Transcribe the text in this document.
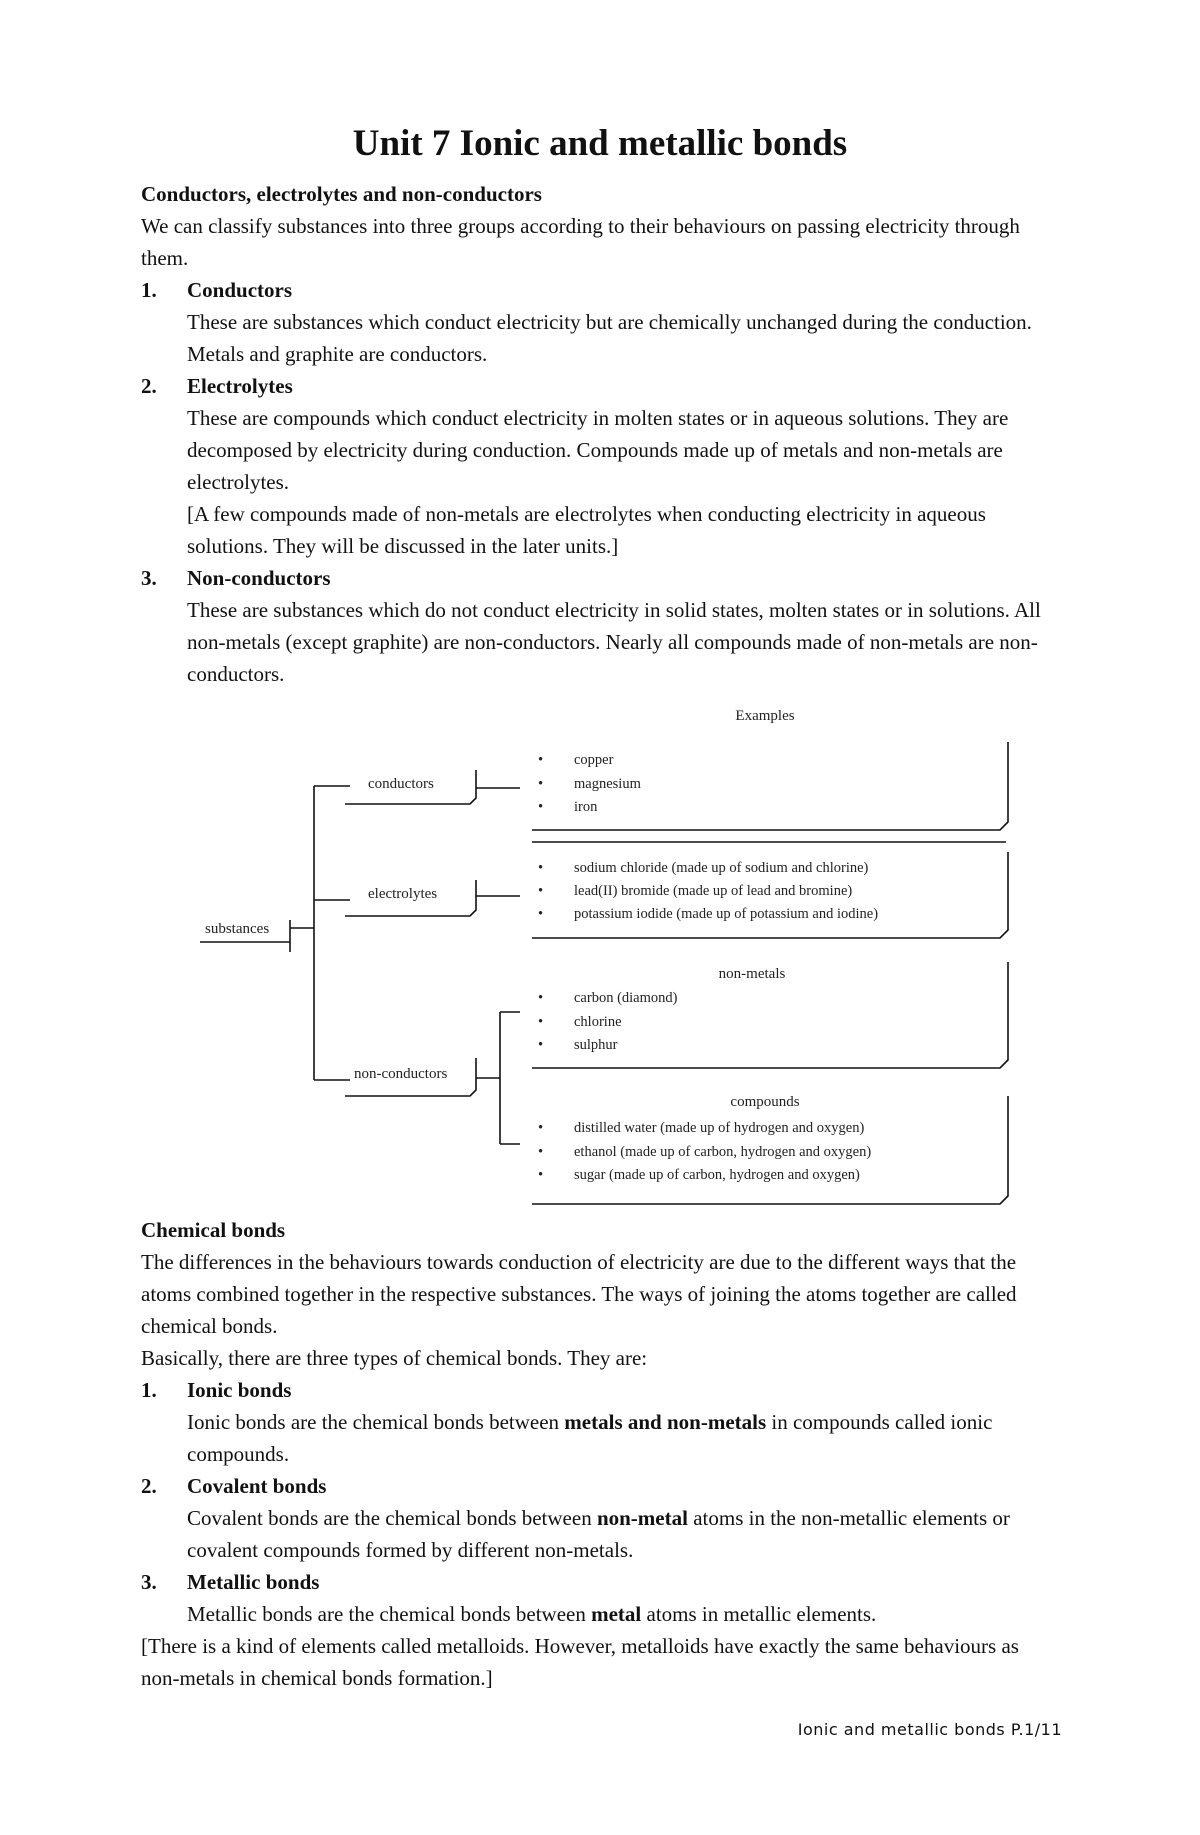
Unit 7 Ionic and metallic bonds

Conductors, electrolytes and non-conductors

We can classify substances into three groups according to their behaviours on passing electricity through them.

1. Conductors

These are substances which conduct electricity but are chemically unchanged during the conduction. Metals and graphite are conductors.

2. Electrolytes

These are compounds which conduct electricity in molten states or in aqueous solutions. They are decomposed by electricity during conduction. Compounds made up of metals and non-metals are electrolytes.

[A few compounds made of non-metals are electrolytes when conducting electricity in aqueous solutions. They will be discussed in the later units.]

3. Non-conductors

These are substances which do not conduct electricity in solid states, molten states or in solutions. All non-metals (except graphite) are non-conductors. Nearly all compounds made of non-metals are non-conductors.

Examples
substances
conductors
• copper
• magnesium
• iron
electrolytes
• sodium chloride (made up of sodium and chlorine)
• lead(II) bromide (made up of lead and bromine)
• potassium iodide (made up of potassium and iodine)
non-conductors
non-metals
• carbon (diamond)
• chlorine
• sulphur
compounds
• distilled water (made up of hydrogen and oxygen)
• ethanol (made up of carbon, hydrogen and oxygen)
• sugar (made up of carbon, hydrogen and oxygen)

Chemical bonds

The differences in the behaviours towards conduction of electricity are due to the different ways that the atoms combined together in the respective substances. The ways of joining the atoms together are called chemical bonds.

Basically, there are three types of chemical bonds. They are:

1. Ionic bonds

Ionic bonds are the chemical bonds between metals and non-metals in compounds called ionic compounds.

2. Covalent bonds

Covalent bonds are the chemical bonds between non-metal atoms in the non-metallic elements or covalent compounds formed by different non-metals.

3. Metallic bonds

Metallic bonds are the chemical bonds between metal atoms in metallic elements.

[There is a kind of elements called metalloids. However, metalloids have exactly the same behaviours as non-metals in chemical bonds formation.]

Ionic and metallic bonds P.1/11
